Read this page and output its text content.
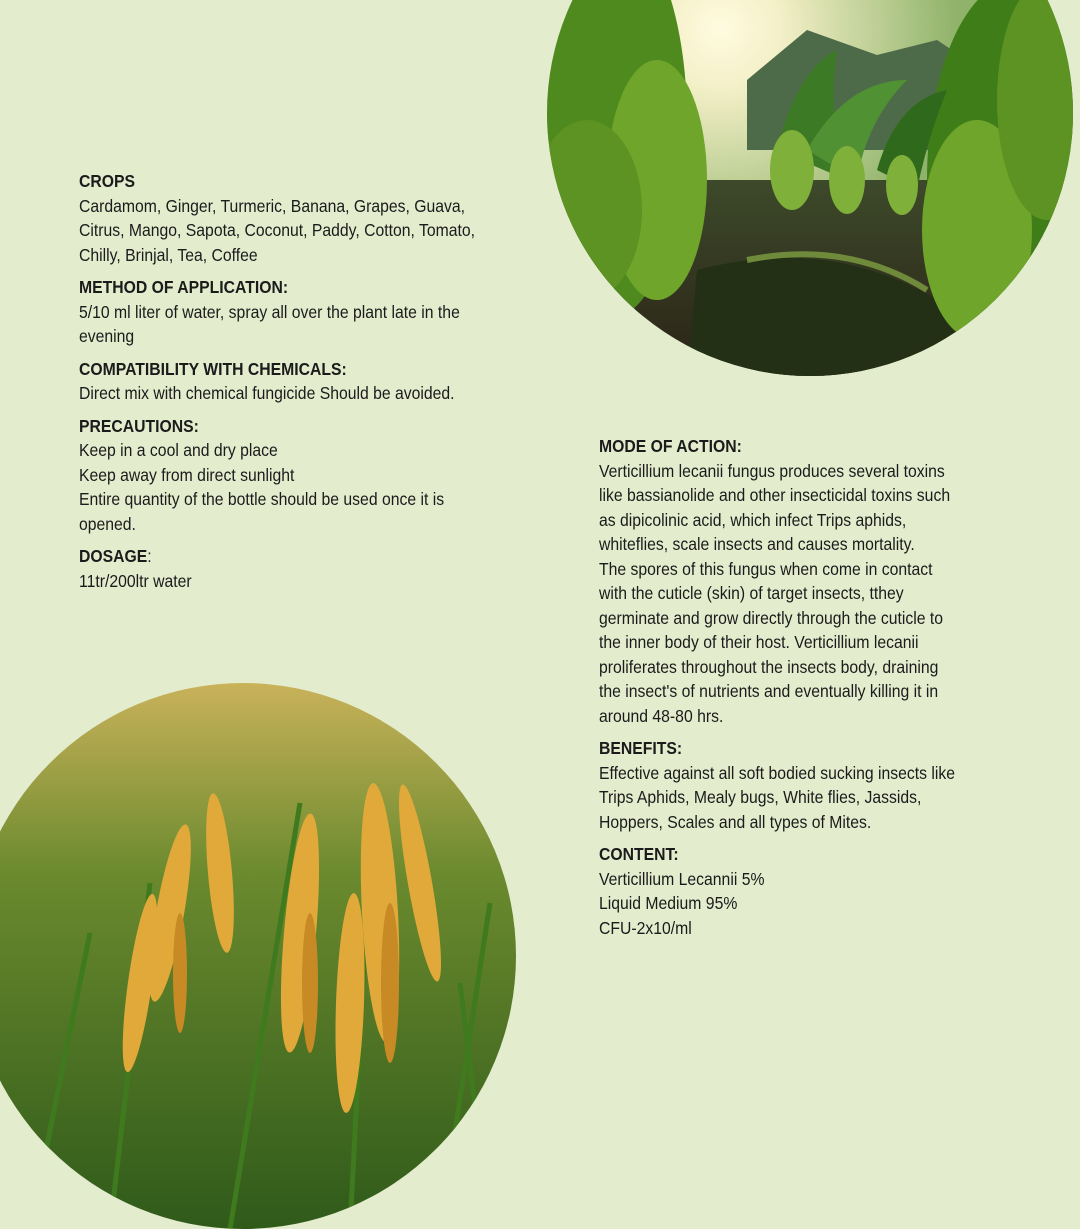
CROPS

Cardamom, Ginger, Turmeric, Banana, Grapes, Guava,
Citrus, Mango, Sapota, Coconut, Paddy, Cotton, Tomato,
Chilly, Brinjal, Tea, Coffee

METHOD OF APPLICATION:

5/10 ml liter of water, spray all over the plant late in the
evening

COMPATIBILITY WITH CHEMICALS:

Direct mix with chemical fungicide Should be avoided.

PRECAUTIONS:

Keep in a cool and dry place
Keep away from direct sunlight
Entire quantity of the bottle should be used once it is
opened.

DOSAGE:

11tr/200ltr water

MODE OF ACTION:

Verticillium lecanii fungus produces several toxins
like bassianolide and other insecticidal toxins such
as dipicolinic acid, which infect Trips aphids,
whiteflies, scale insects and causes mortality.
The spores of this fungus when come in contact
with the cuticle (skin) of target insects, tthey
germinate and grow directly through the cuticle to
the inner body of their host. Verticillium lecanii
proliferates throughout the insects body, draining
the insect's of nutrients and eventually killing it in
around 48-80 hrs.

BENEFITS:

Effective against all soft bodied sucking insects like
Trips Aphids, Mealy bugs, White flies, Jassids,
Hoppers, Scales and all types of Mites.

CONTENT:

Verticillium Lecannii 5%
Liquid Medium 95%
CFU-2x10/ml
